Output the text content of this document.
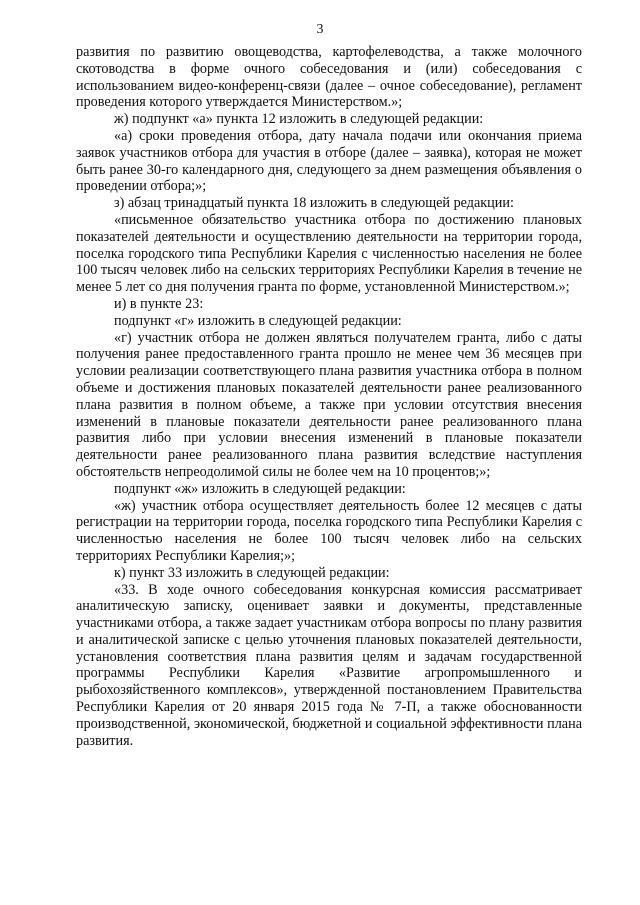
3

развития по развитию овощеводства, картофелеводства, а также молочного скотоводства в форме очного собеседования и (или) собеседования с использованием видео-конференц-связи (далее – очное собеседование), регламент проведения которого утверждается Министерством.»;

ж) подпункт «а» пункта 12 изложить в следующей редакции:

«а) сроки проведения отбора, дату начала подачи или окончания приема заявок участников отбора для участия в отборе (далее – заявка), которая не может быть ранее 30-го календарного дня, следующего за днем размещения объявления о проведении отбора;»;

з) абзац тринадцатый пункта 18 изложить в следующей редакции:

«письменное обязательство участника отбора по достижению плановых показателей деятельности и осуществлению деятельности на территории города, поселка городского типа Республики Карелия с численностью населения не более 100 тысяч человек либо на сельских территориях Республики Карелия в течение не менее 5 лет со дня получения гранта по форме, установленной Министерством.»;

и) в пункте 23:

подпункт «г» изложить в следующей редакции:

«г) участник отбора не должен являться получателем гранта, либо с даты получения ранее предоставленного гранта прошло не менее чем 36 месяцев при условии реализации соответствующего плана развития участника отбора в полном объеме и достижения плановых показателей деятельности ранее реализованного плана развития в полном объеме, а также при условии отсутствия внесения изменений в плановые показатели деятельности ранее реализованного плана развития либо при условии внесения изменений в плановые показатели деятельности ранее реализованного плана развития вследствие наступления обстоятельств непреодолимой силы не более чем на 10 процентов;»;

подпункт «ж» изложить в следующей редакции:

«ж) участник отбора осуществляет деятельность более 12 месяцев с даты регистрации на территории города, поселка городского типа Республики Карелия с численностью населения не более 100 тысяч человек либо на сельских территориях Республики Карелия;»;

к) пункт 33 изложить в следующей редакции:

«33. В ходе очного собеседования конкурсная комиссия рассматривает аналитическую записку, оценивает заявки и документы, представленные участниками отбора, а также задает участникам отбора вопросы по плану развития и аналитической записке с целью уточнения плановых показателей деятельности, установления соответствия плана развития целям и задачам государственной программы Республики Карелия «Развитие агропромышленного и рыбохозяйственного комплексов», утвержденной постановлением Правительства Республики Карелия от 20 января 2015 года № 7-П, а также обоснованности производственной, экономической, бюджетной и социальной эффективности плана развития.
